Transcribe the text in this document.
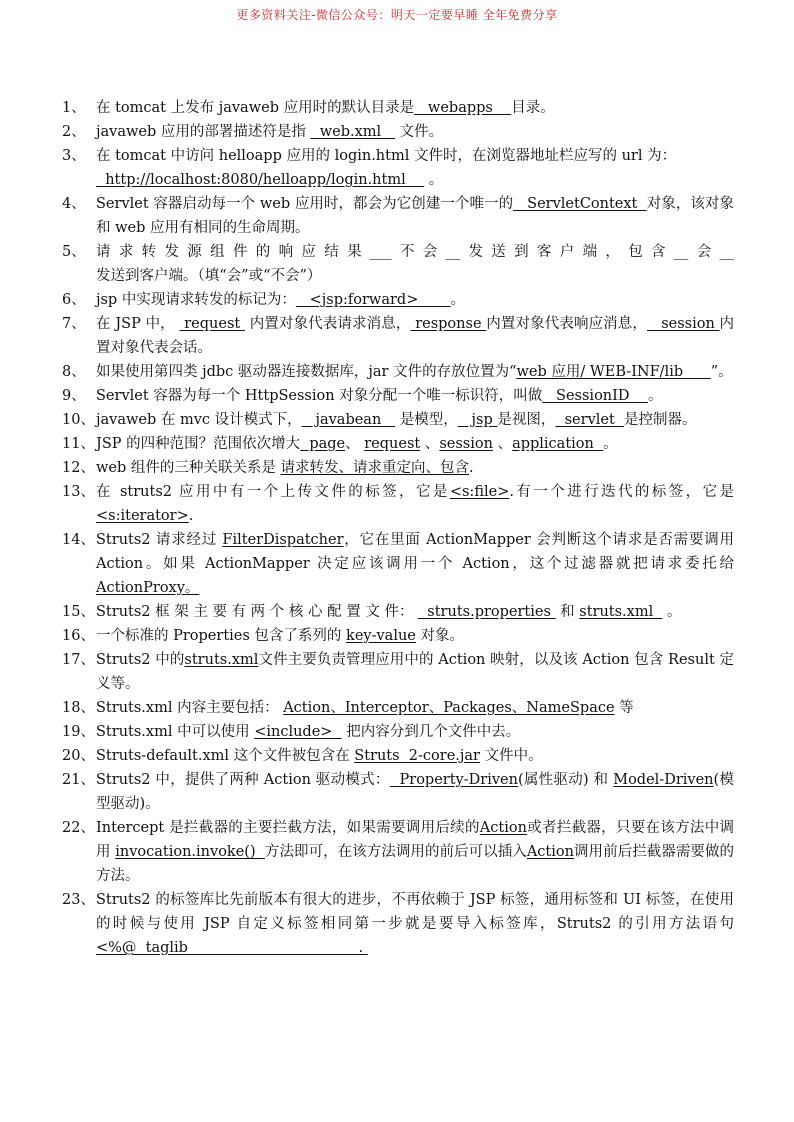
更多资料关注-微信公众号：明天一定要早睡 全年免费分享
1、 在 tomcat 上发布 javaweb 应用时的默认目录是   webapps    目录。
2、 javaweb 应用的部署描述符是指   web.xml    文件。
3、 在 tomcat 中访问 helloapp 应用的 login.html 文件时，在浏览器地址栏应写的 url 为：
http://localhost:8080/helloapp/login.html     。
4、 Servlet 容器启动每一个 web 应用时，都会为它创建一个唯一的   ServletContext  对象，该对象和 web 应用有相同的生命周期。
5、 请求转发源组件的响应结果___不会__发送到客户端，包含__会__发送到客户端。（填“会”或“不会”）
6、 jsp 中实现请求转发的标记为：   <jsp:forward>       。
7、 在 JSP 中，  request  内置对象代表请求消息， response 内置对象代表响应消息，   session 内置对象代表会话。
8、 如果使用第四类 jdbc 驱动器连接数据库，jar 文件的存放位置为“web 应用/ WEB-INF/lib      ”。
9、 Servlet 容器为每一个 HttpSession 对象分配一个唯一标识符，叫做   SessionID    。
10、 javaweb 在 mvc 设计模式下，   javabean    是模型，   jsp 是视图，  servlet  是控制器。
11、 JSP 的四种范围？范围依次增大  page、 request 、session 、application  。
12、 web 组件的三种关联关系是 请求转发、请求重定向、包含.
13、 在 struts2 应用中有一个上传文件的标签，它是<s:file>.有一个进行迭代的标签，它是<s:iterator>.
14、 Struts2 请求经过 FilterDispatcher，它在里面 ActionMapper 会判断这个请求是否需要调用 Action。如果 ActionMapper 决定应该调用一个 Action，这个过滤器就把请求委托给ActionProxy。
15、 Struts2 框 架 主 要 有 两 个 核 心 配 置 文 件：   struts.properties  和 struts.xml   。
16、 一个标准的 Properties 包含了系列的 key-value 对象。
17、 Struts2 中的struts.xml文件主要负责管理应用中的 Action 映射，以及该 Action 包含 Result 定义等。
18、 Struts.xml 内容主要包括： Action、Interceptor、Packages、NameSpace 等
19、 Struts.xml 中可以使用 <include>   把内容分到几个文件中去。
20、 Struts-default.xml 这个文件被包含在 Struts  2-core.jar 文件中。
21、 Struts2 中，提供了两种 Action 驱动模式：  Property-Driven(属性驱动) 和 Model-Driven(模型驱动)。
22、 Intercept 是拦截器的主要拦截方法，如果需要调用后续的Action或者拦截器，只要在该方法中调用 invocation.invoke()  方法即可，在该方法调用的前后可以插入Action调用前后拦截器需要做的方法。
23、 Struts2 的标签库比先前版本有很大的进步，不再依赖于 JSP 标签，通用标签和 UI 标签，在使用的时候与使用 JSP 自定义标签相同第一步就是要导入标签库，Struts2 的引用方法语句 <%@  taglib                                     .
